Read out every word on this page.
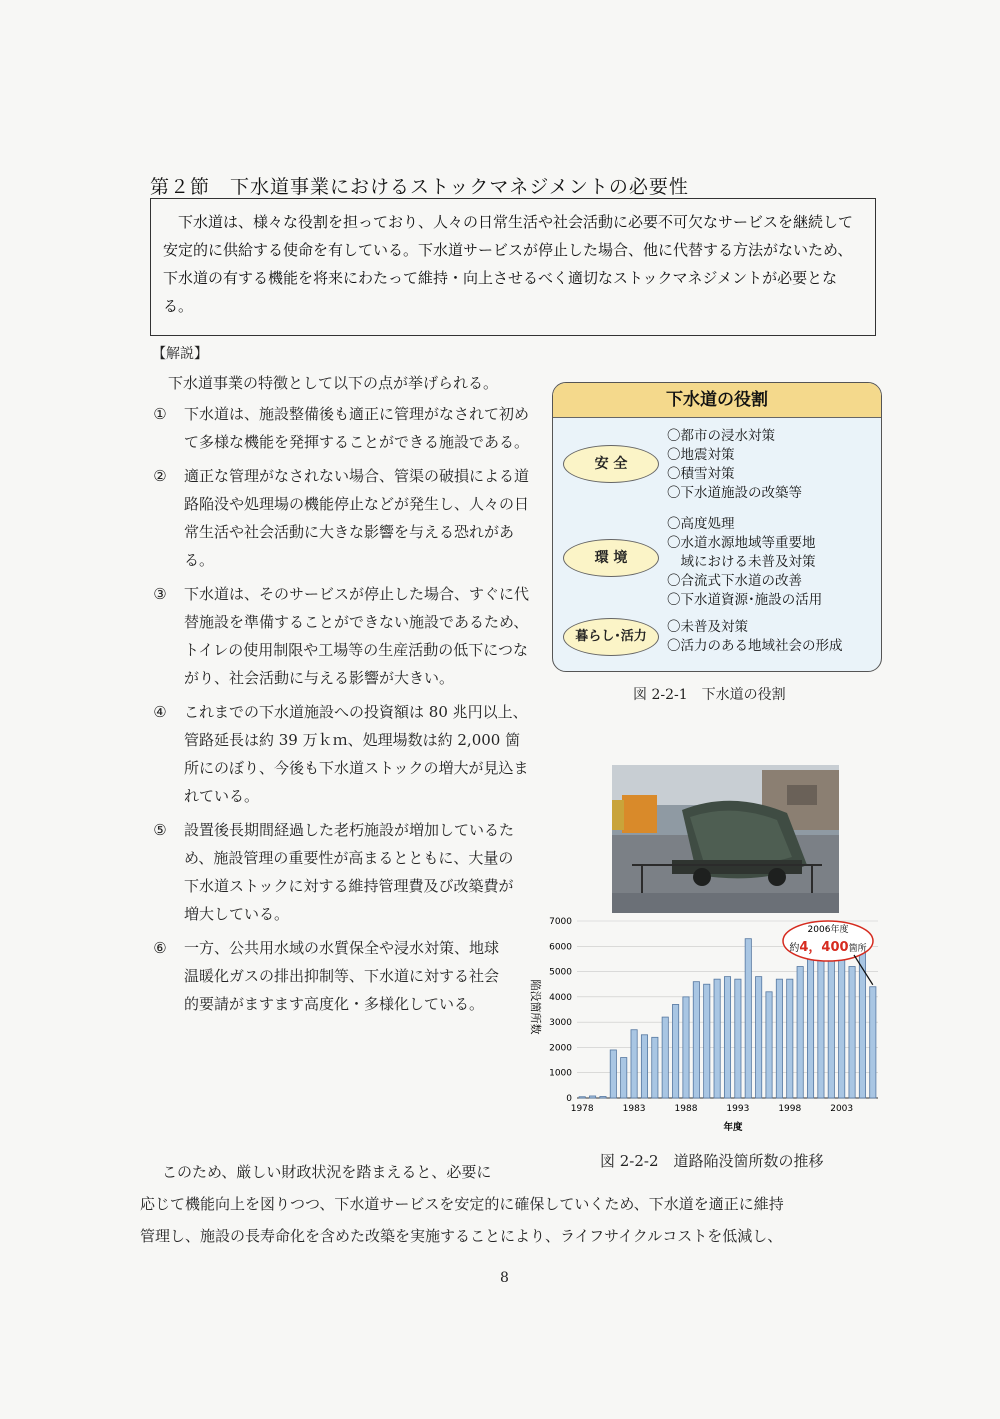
第２節　下水道事業におけるストックマネジメントの必要性

下水道は、様々な役割を担っており、人々の日常生活や社会活動に必要不可欠なサービスを継続して安定的に供給する使命を有している。下水道サービスが停止した場合、他に代替する方法がないため、下水道の有する機能を将来にわたって維持・向上させるべく適切なストックマネジメントが必要となる。

【解説】
下水道事業の特徴として以下の点が挙げられる。
①	下水道は、施設整備後も適正に管理がなされて初めて多様な機能を発揮することができる施設である。
②	適正な管理がなされない場合、管渠の破損による道路陥没や処理場の機能停止などが発生し、人々の日常生活や社会活動に大きな影響を与える恐れがある。
③	下水道は、そのサービスが停止した場合、すぐに代替施設を準備することができない施設であるため、トイレの使用制限や工場等の生産活動の低下につながり、社会活動に与える影響が大きい。
④	これまでの下水道施設への投資額は 80 兆円以上、管路延長は約 39 万ｋｍ、処理場数は約 2,000 箇所にのぼり、今後も下水道ストックの増大が見込まれている。
⑤	設置後長期間経過した老朽施設が増加しているため、施設管理の重要性が高まるとともに、大量の下水道ストックに対する維持管理費及び改築費が増大している。
⑥	一方、公共用水域の水質保全や浸水対策、地球温暖化ガスの排出抑制等、下水道に対する社会的要請がますます高度化・多様化している。
下水道の役割
安 全
〇都市の浸水対策
〇地震対策
〇積雪対策
〇下水道施設の改築等
環 境
〇高度処理
〇水道水源地域等重要地
　域における未普及対策
〇合流式下水道の改善
〇下水道資源･施設の活用
暮らし･活力
〇未普及対策
〇活力のある地域社会の形成
図 2-2-1　下水道の役割
陥没箇所数
0
1000
2000
3000
4000
5000
6000
7000
1978	1983	1988	1993	1998	2003
年度
2006年度
約4，400箇所
図 2-2-2　道路陥没箇所数の推移
このため、厳しい財政状況を踏まえると、必要に
応じて機能向上を図りつつ、下水道サービスを安定的に確保していくため、下水道を適正に維持
管理し、施設の長寿命化を含めた改築を実施することにより、ライフサイクルコストを低減し、
8
